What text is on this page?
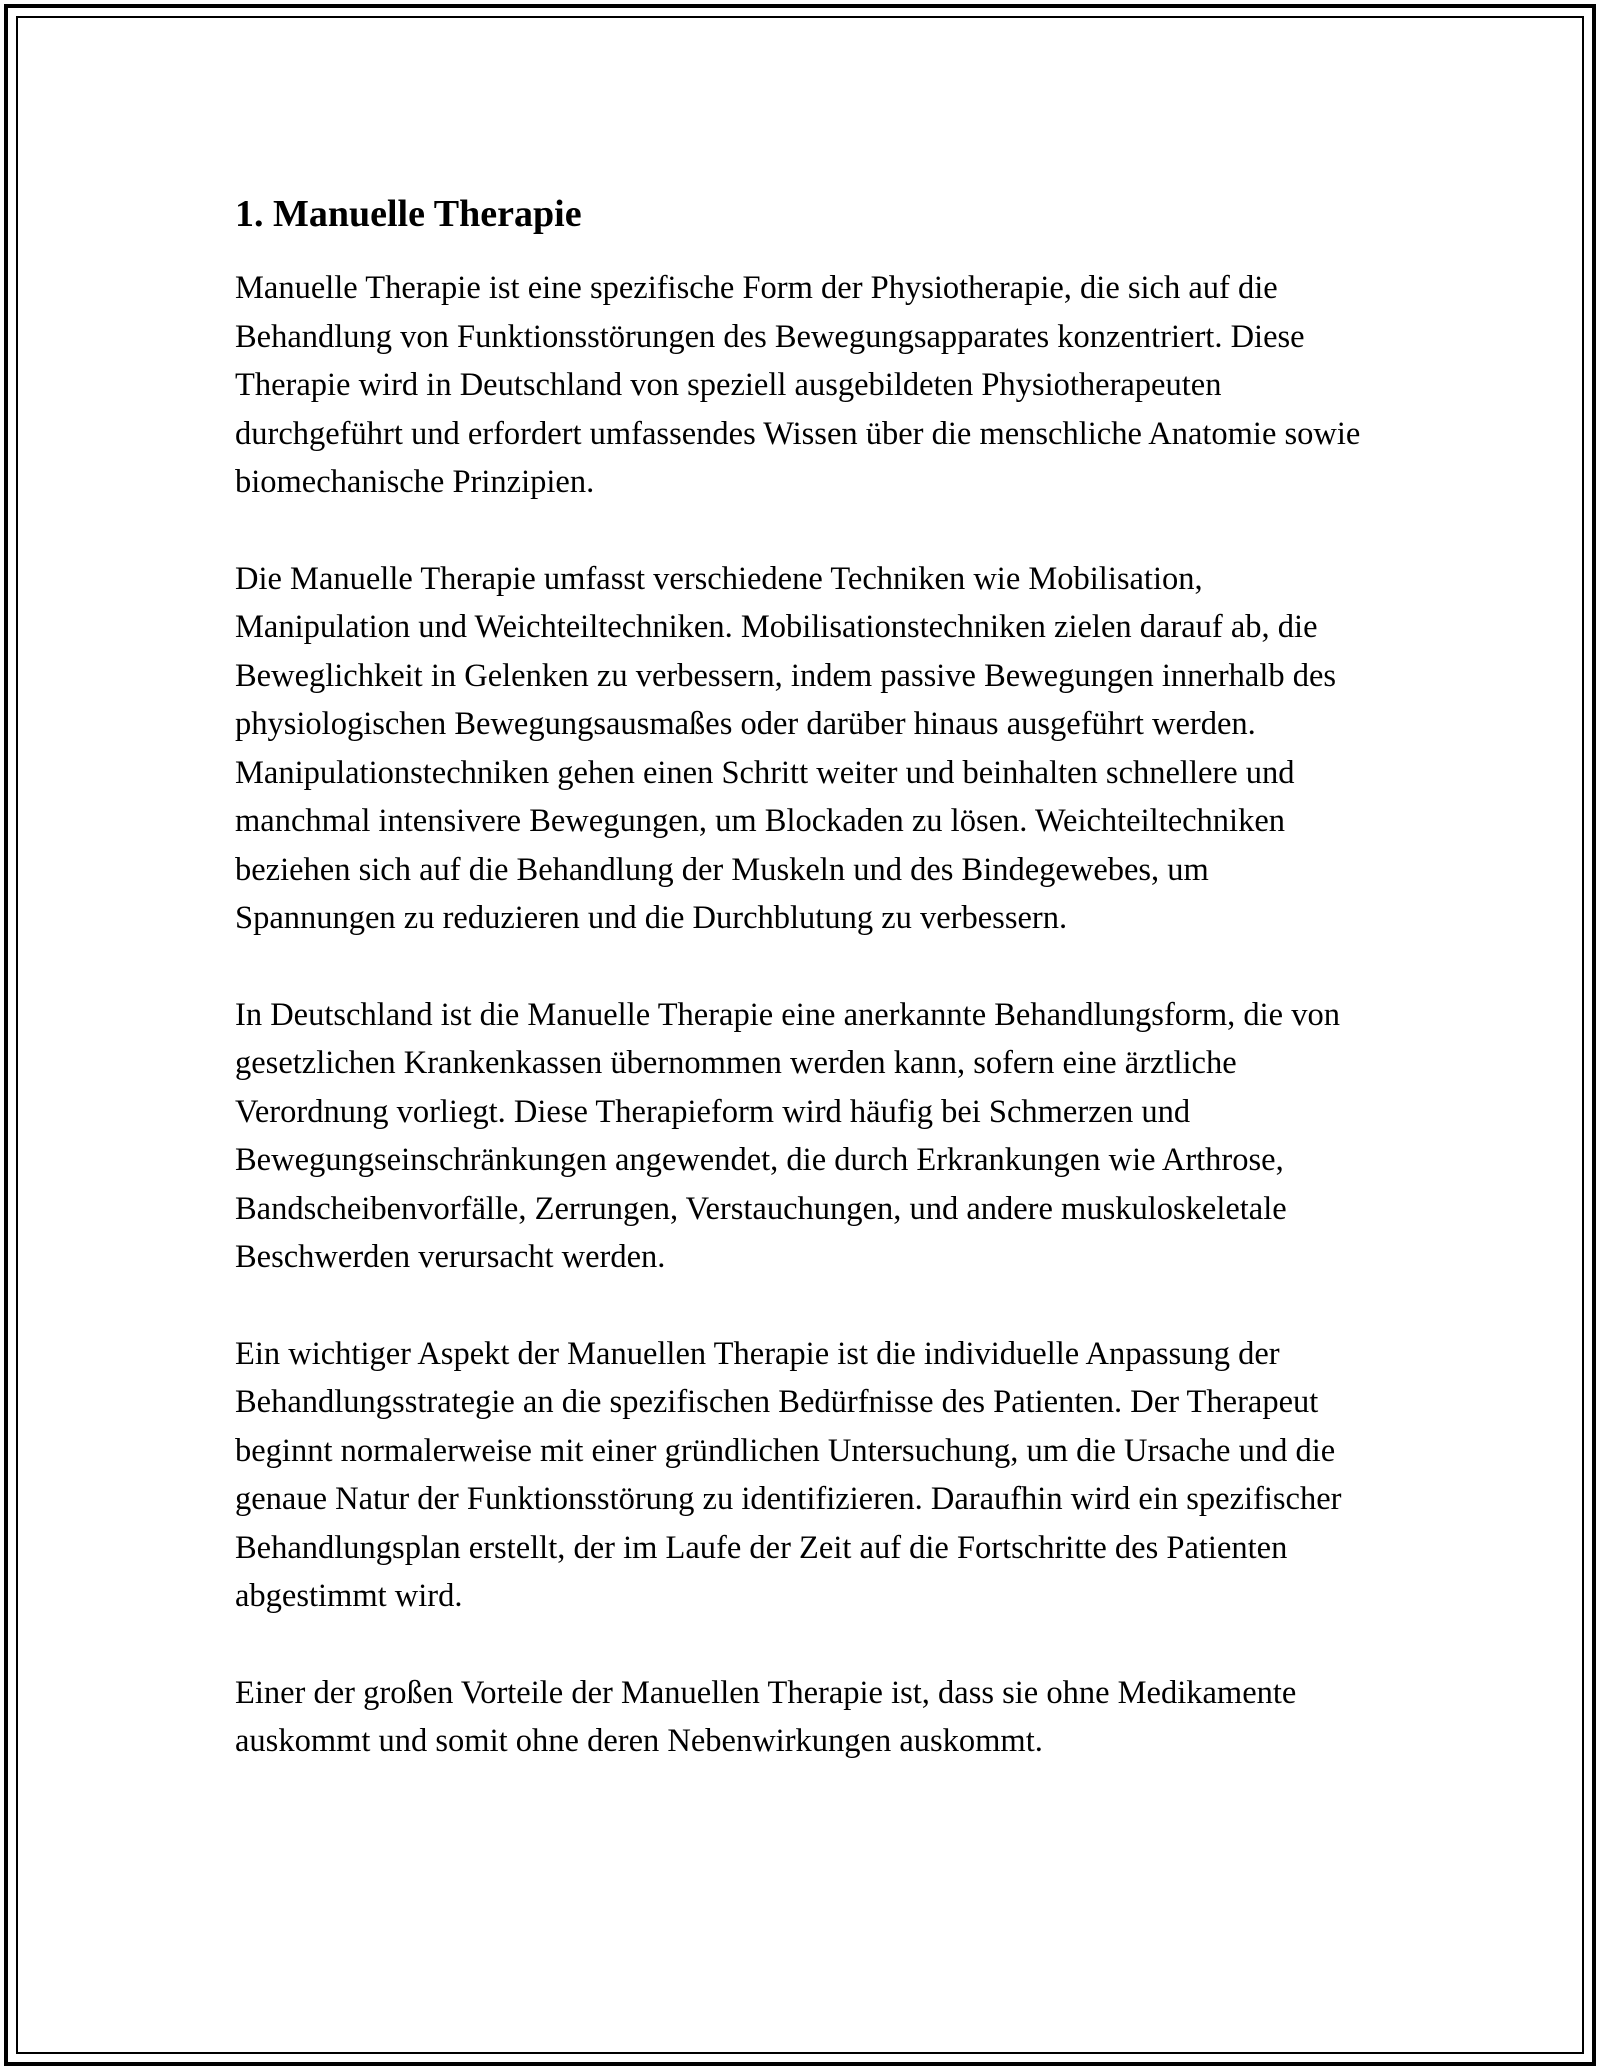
1. Manuelle Therapie

Manuelle Therapie ist eine spezifische Form der Physiotherapie, die sich auf die Behandlung von Funktionsstörungen des Bewegungsapparates konzentriert. Diese Therapie wird in Deutschland von speziell ausgebildeten Physiotherapeuten durchgeführt und erfordert umfassendes Wissen über die menschliche Anatomie sowie biomechanische Prinzipien.

Die Manuelle Therapie umfasst verschiedene Techniken wie Mobilisation, Manipulation und Weichteiltechniken. Mobilisationstechniken zielen darauf ab, die Beweglichkeit in Gelenken zu verbessern, indem passive Bewegungen innerhalb des physiologischen Bewegungsausmaßes oder darüber hinaus ausgeführt werden. Manipulationstechniken gehen einen Schritt weiter und beinhalten schnellere und manchmal intensivere Bewegungen, um Blockaden zu lösen. Weichteiltechniken beziehen sich auf die Behandlung der Muskeln und des Bindegewebes, um Spannungen zu reduzieren und die Durchblutung zu verbessern.

In Deutschland ist die Manuelle Therapie eine anerkannte Behandlungsform, die von gesetzlichen Krankenkassen übernommen werden kann, sofern eine ärztliche Verordnung vorliegt. Diese Therapieform wird häufig bei Schmerzen und Bewegungseinschränkungen angewendet, die durch Erkrankungen wie Arthrose, Bandscheibenvorfälle, Zerrungen, Verstauchungen, und andere muskuloskeletale Beschwerden verursacht werden.

Ein wichtiger Aspekt der Manuellen Therapie ist die individuelle Anpassung der Behandlungsstrategie an die spezifischen Bedürfnisse des Patienten. Der Therapeut beginnt normalerweise mit einer gründlichen Untersuchung, um die Ursache und die genaue Natur der Funktionsstörung zu identifizieren. Daraufhin wird ein spezifischer Behandlungsplan erstellt, der im Laufe der Zeit auf die Fortschritte des Patienten abgestimmt wird.

Einer der großen Vorteile der Manuellen Therapie ist, dass sie ohne Medikamente auskommt und somit ohne deren Nebenwirkungen auskommt.
